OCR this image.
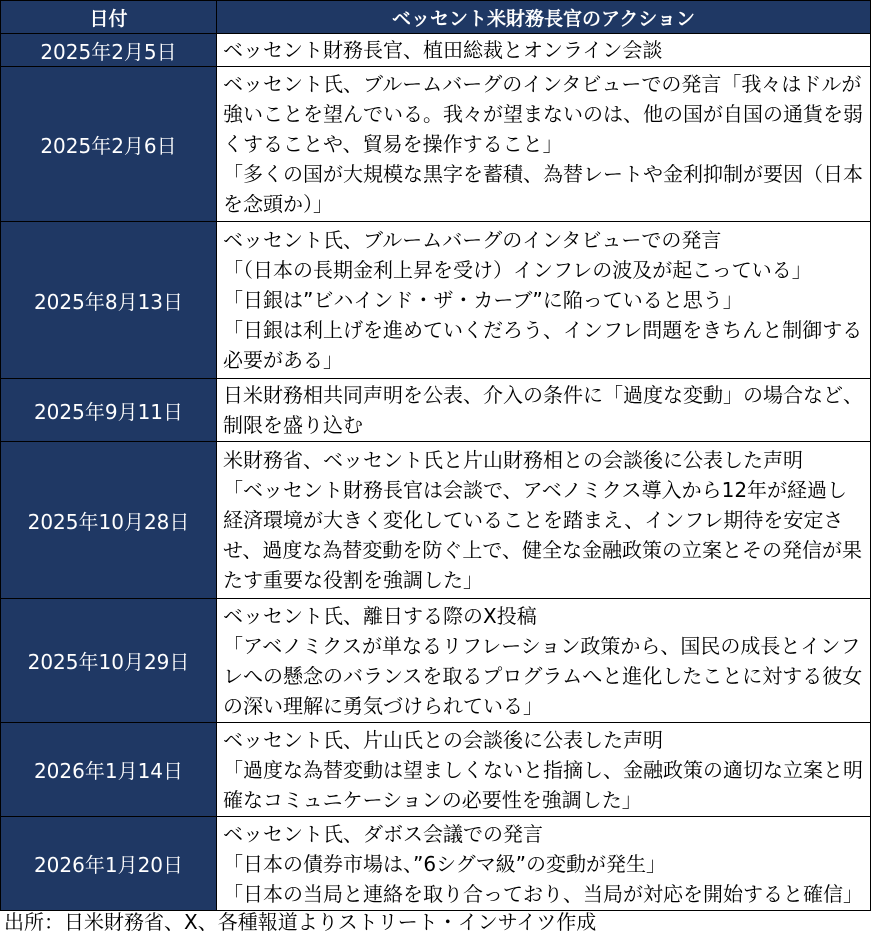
日付	ベッセント米財務長官のアクション
2025年2月5日	ベッセント財務長官、植田総裁とオンライン会談

2025年2月6日	ベッセント氏、ブルームバーグのインタビューでの発言「我々はドルが強いことを望んでいる。我々が望まないのは、他の国が自国の通貨を弱くすることや、貿易を操作すること」
「多くの国が大規模な黒字を蓄積、為替レートや金利抑制が要因（日本を念頭か）」

2025年8月13日	ベッセント氏、ブルームバーグのインタビューでの発言
「（日本の長期金利上昇を受け）インフレの波及が起こっている」
「日銀は”ビハインド・ザ・カーブ”に陥っていると思う」
「日銀は利上げを進めていくだろう、インフレ問題をきちんと制御する必要がある」

2025年9月11日	日米財務相共同声明を公表、介入の条件に「過度な変動」の場合など、制限を盛り込む

2025年10月28日	米財務省、ベッセント氏と片山財務相との会談後に公表した声明
「ベッセント財務長官は会談で、アベノミクス導入から12年が経過し経済環境が大きく変化していることを踏まえ、インフレ期待を安定させ、過度な為替変動を防ぐ上で、健全な金融政策の立案とその発信が果たす重要な役割を強調した」

2025年10月29日	ベッセント氏、離日する際のX投稿
「アベノミクスが単なるリフレーション政策から、国民の成長とインフレへの懸念のバランスを取るプログラムへと進化したことに対する彼女の深い理解に勇気づけられている」

2026年1月14日	ベッセント氏、片山氏との会談後に公表した声明
「過度な為替変動は望ましくないと指摘し、金融政策の適切な立案と明確なコミュニケーションの必要性を強調した」

2026年1月20日	ベッセント氏、ダボス会議での発言
「日本の債券市場は、”6シグマ級”の変動が発生」
「日本の当局と連絡を取り合っており、当局が対応を開始すると確信」
出所：日米財務省、X、各種報道よりストリート・インサイツ作成
